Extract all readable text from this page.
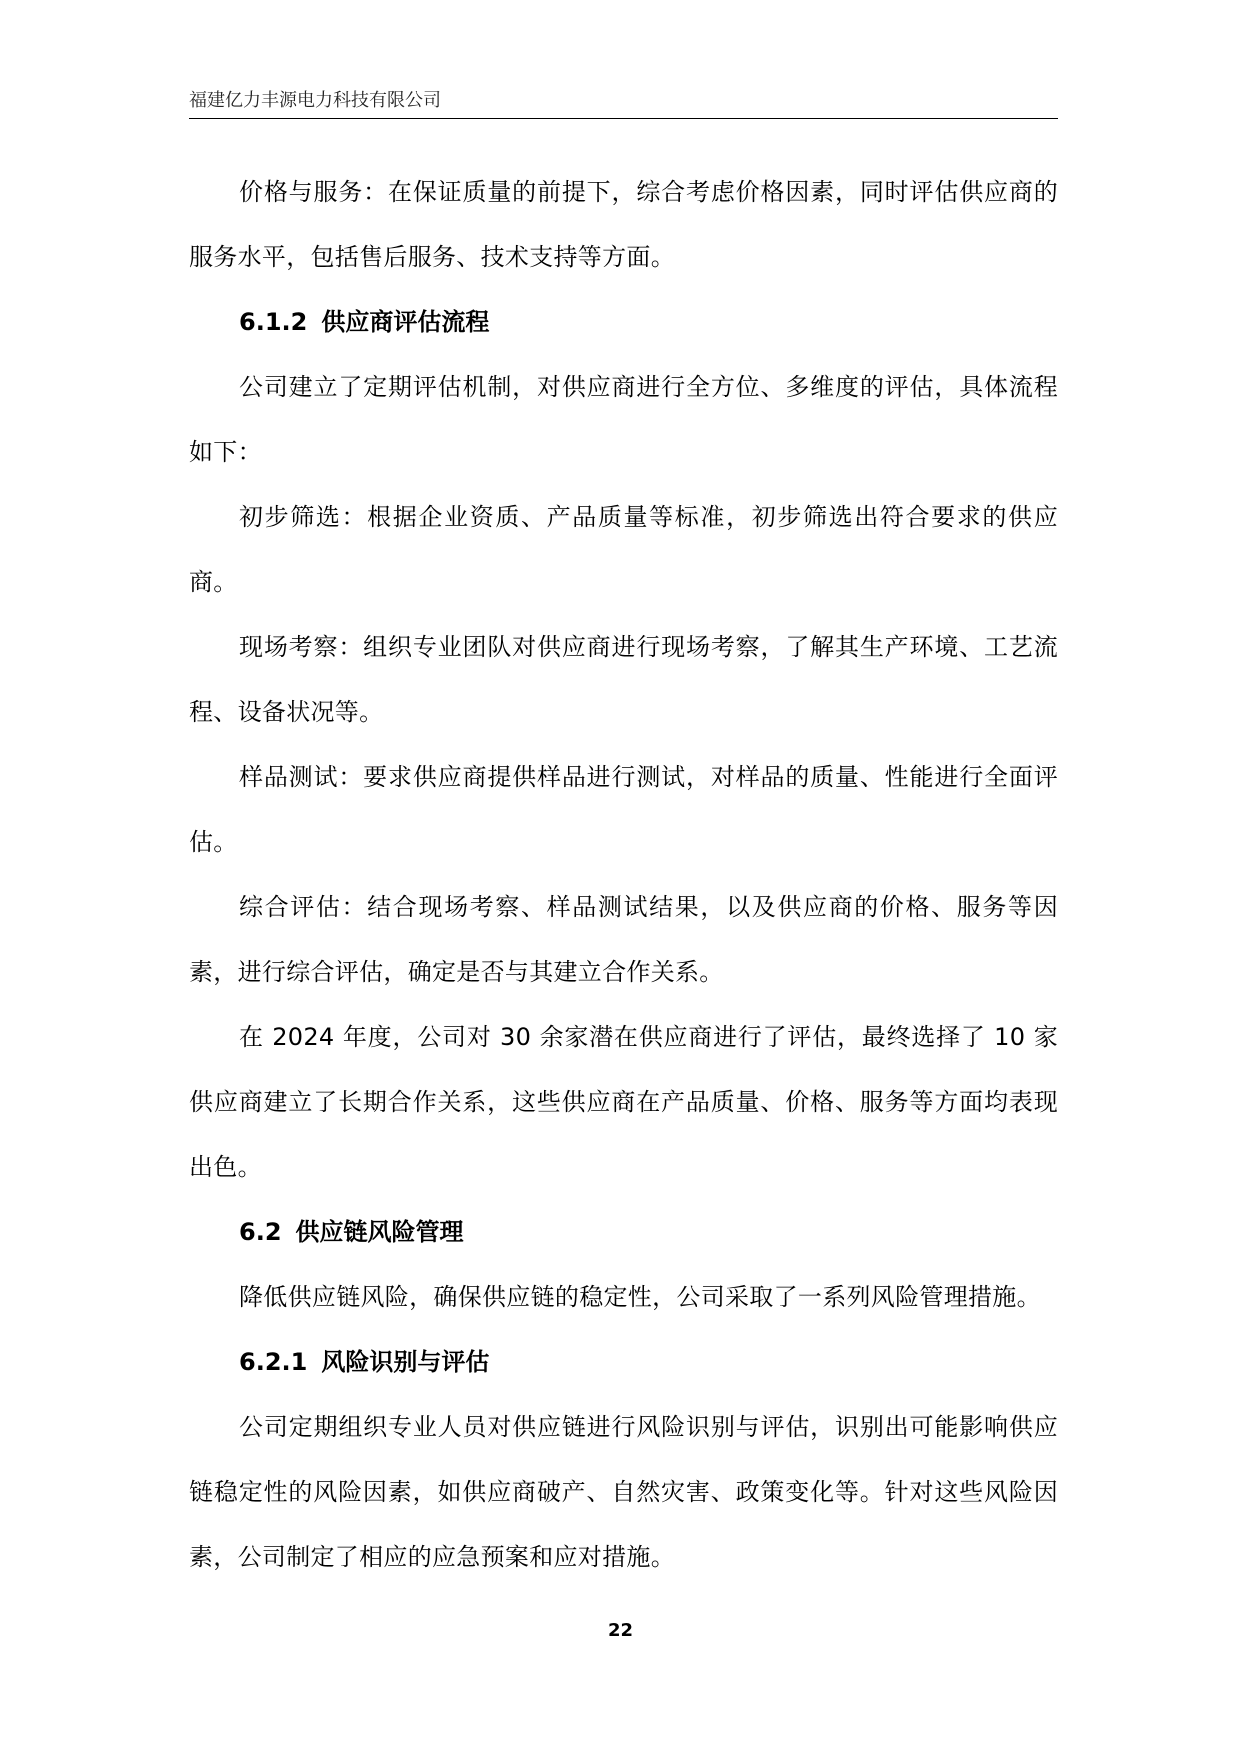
福建亿力丰源电力科技有限公司

价格与服务：在保证质量的前提下，综合考虑价格因素，同时评估供应商的服务水平，包括售后服务、技术支持等方面。

6.1.2 供应商评估流程

公司建立了定期评估机制，对供应商进行全方位、多维度的评估，具体流程如下：

初步筛选：根据企业资质、产品质量等标准，初步筛选出符合要求的供应商。

现场考察：组织专业团队对供应商进行现场考察，了解其生产环境、工艺流程、设备状况等。

样品测试：要求供应商提供样品进行测试，对样品的质量、性能进行全面评估。

综合评估：结合现场考察、样品测试结果，以及供应商的价格、服务等因素，进行综合评估，确定是否与其建立合作关系。

在 2024 年度，公司对 30 余家潜在供应商进行了评估，最终选择了 10 家供应商建立了长期合作关系，这些供应商在产品质量、价格、服务等方面均表现出色。

6.2 供应链风险管理

降低供应链风险，确保供应链的稳定性，公司采取了一系列风险管理措施。

6.2.1 风险识别与评估

公司定期组织专业人员对供应链进行风险识别与评估，识别出可能影响供应链稳定性的风险因素，如供应商破产、自然灾害、政策变化等。针对这些风险因素，公司制定了相应的应急预案和应对措施。

22
